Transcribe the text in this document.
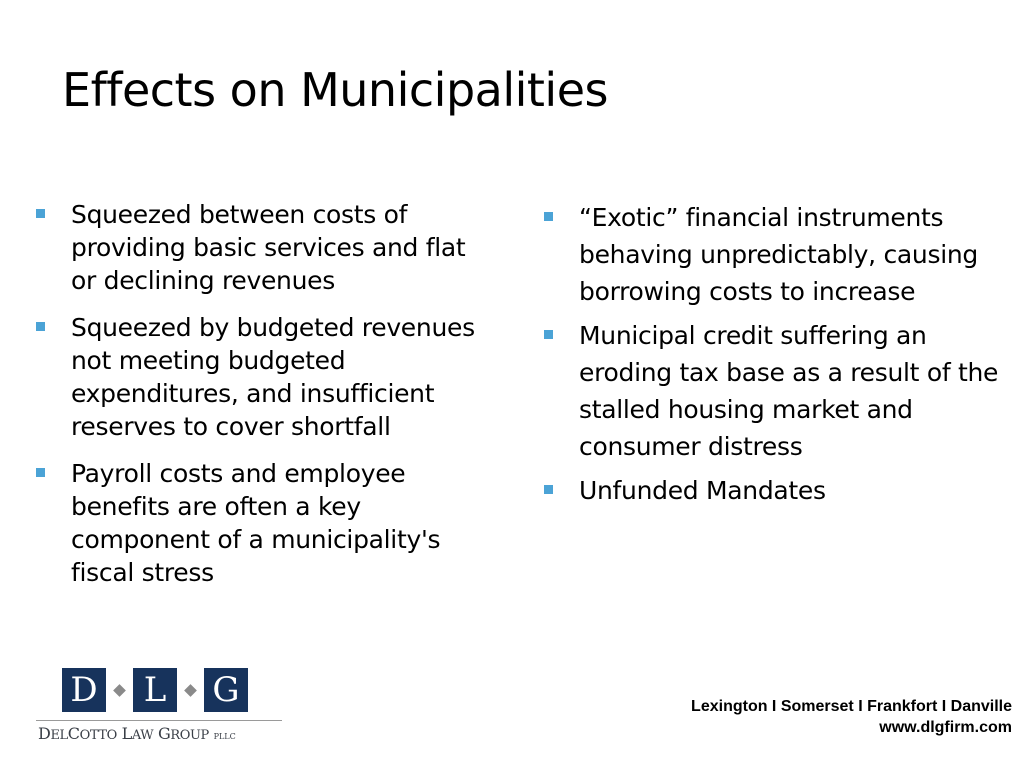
Effects on Municipalities
Squeezed between costs of providing basic services and flat or declining revenues
Squeezed by budgeted revenues not meeting budgeted expenditures, and insufficient reserves to cover shortfall
Payroll costs and employee benefits are often a key component of a municipality's fiscal stress
“Exotic” financial instruments behaving unpredictably, causing borrowing costs to increase
Municipal credit suffering an eroding tax base as a result of the stalled housing market and consumer distress
Unfunded Mandates
D	L	G
DELCOTTO LAW GROUP PLLC
Lexington I Somerset I Frankfort I Danville
www.dlgfirm.com
